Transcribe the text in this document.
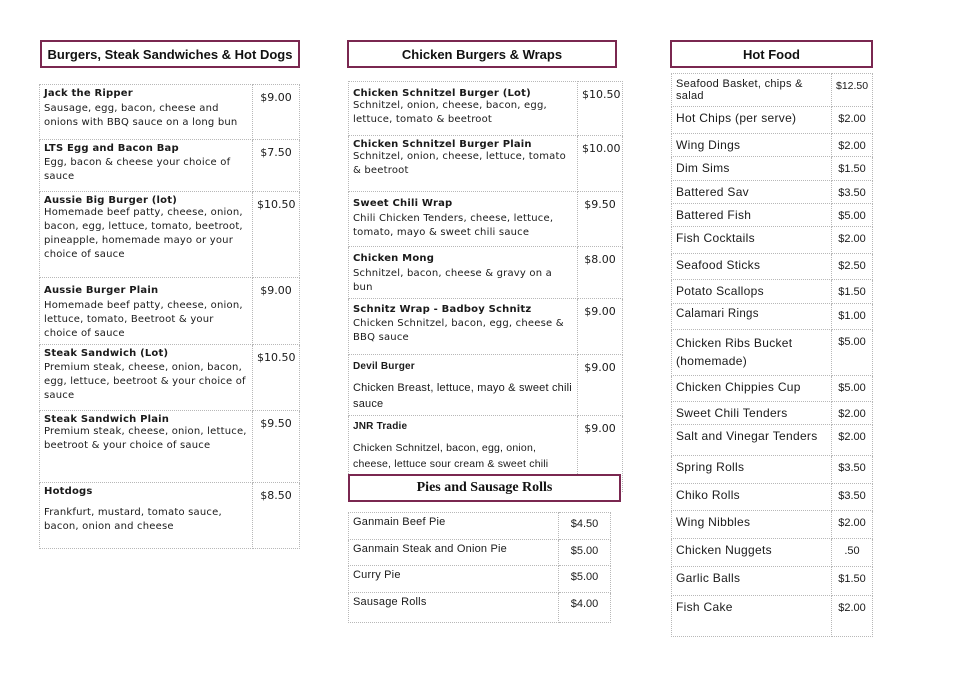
Burgers, Steak Sandwiches & Hot Dogs
Jack the Ripper
Sausage, egg, bacon, cheese and onions with BBQ sauce on a long bun	$9.00

LTS Egg and Bacon Bap
Egg, bacon & cheese your choice of sauce	$7.50

Aussie Big Burger (lot)
Homemade beef patty, cheese, onion, bacon, egg, lettuce, tomato, beetroot, pineapple, homemade mayo or your choice of sauce	$10.50

Aussie Burger Plain
Homemade beef patty, cheese, onion, lettuce, tomato, Beetroot & your choice of sauce	$9.00

Steak Sandwich (Lot)
Premium steak, cheese, onion, bacon, egg, lettuce, beetroot & your choice of sauce	$10.50

Steak Sandwich Plain
Premium steak, cheese, onion, lettuce, beetroot & your choice of sauce	$9.50

Hotdogs
Frankfurt, mustard, tomato sauce, bacon, onion and cheese	$8.50
Chicken Burgers & Wraps
Chicken Schnitzel Burger (Lot)
Schnitzel, onion, cheese, bacon, egg, lettuce, tomato & beetroot	$10.50

Chicken Schnitzel Burger Plain
Schnitzel, onion, cheese, lettuce, tomato & beetroot	$10.00

Sweet Chili Wrap
Chili Chicken Tenders, cheese, lettuce, tomato, mayo & sweet chili sauce	$9.50

Chicken Mong
Schnitzel, bacon, cheese & gravy on a bun	$8.00

Schnitz Wrap - Badboy Schnitz
Chicken Schnitzel, bacon, egg, cheese & BBQ sauce	$9.00

Devil Burger
Chicken Breast, lettuce, mayo & sweet chili sauce	$9.00

JNR Tradie
Chicken Schnitzel, bacon, egg, onion, cheese, lettuce sour cream & sweet chili	$9.00
Pies and Sausage Rolls
Ganmain Beef Pie	$4.50
Ganmain Steak and Onion Pie	$5.00
Curry Pie	$5.00
Sausage Rolls	$4.00
Hot Food
Seafood Basket, chips & salad	$12.50
Hot Chips (per serve)	$2.00
Wing Dings	$2.00
Dim Sims	$1.50
Battered Sav	$3.50
Battered Fish	$5.00
Fish Cocktails	$2.00
Seafood Sticks	$2.50
Potato Scallops	$1.50
Calamari Rings	$1.00
Chicken Ribs Bucket (homemade)	$5.00
Chicken Chippies Cup	$5.00
Sweet Chili Tenders	$2.00
Salt and Vinegar Tenders	$2.00
Spring Rolls	$3.50
Chiko Rolls	$3.50
Wing Nibbles	$2.00
Chicken Nuggets	.50
Garlic Balls	$1.50
Fish Cake	$2.00
